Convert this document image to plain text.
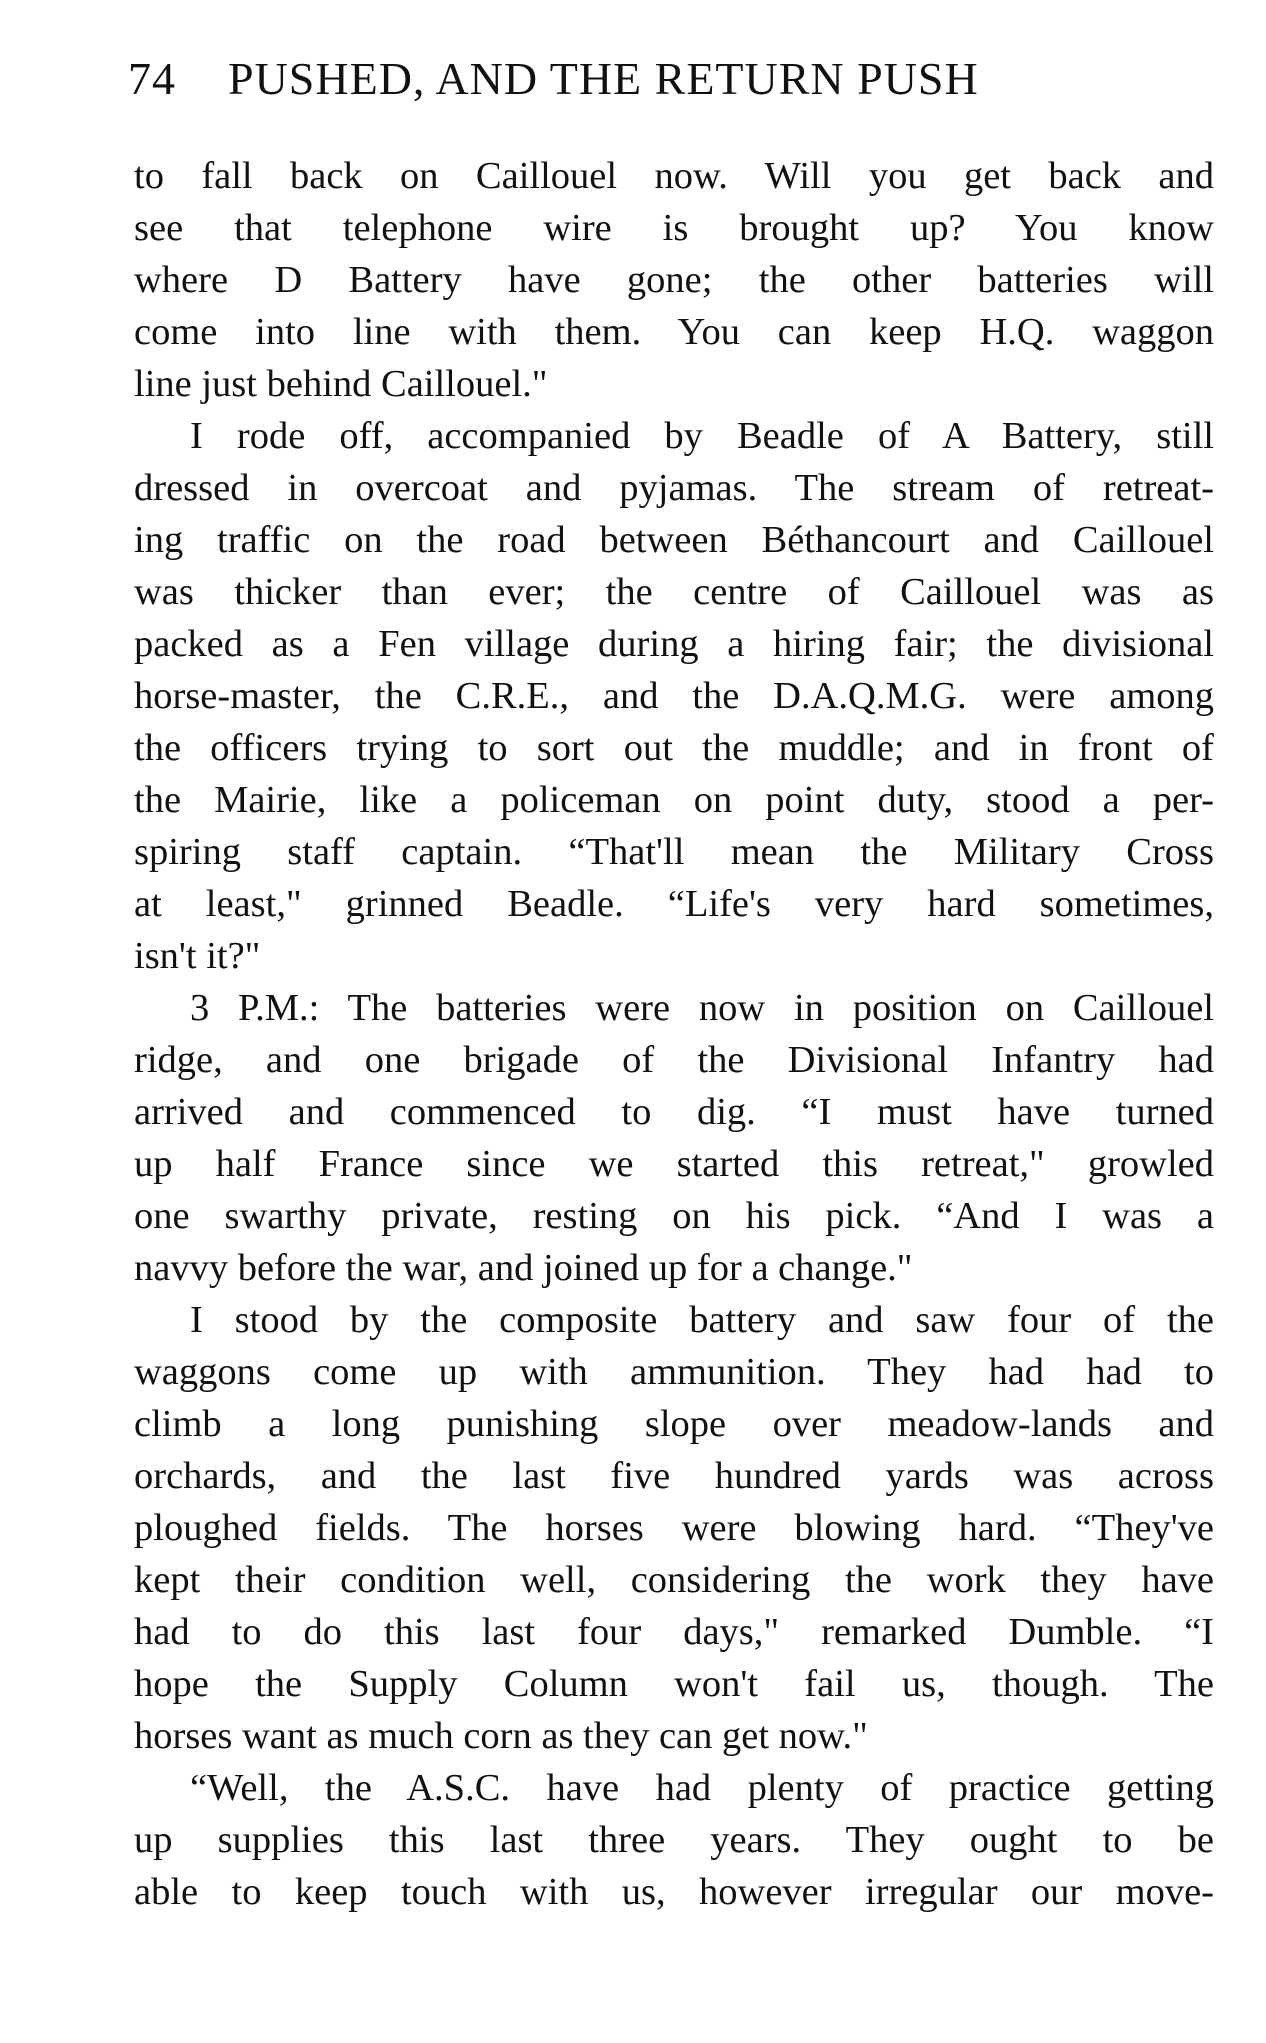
74 PUSHED, AND THE RETURN PUSH
to fall back on Caillouel now. Will you get back and
see that telephone wire is brought up? You know
where D Battery have gone; the other batteries will
come into line with them. You can keep H.Q. waggon
line just behind Caillouel."
I rode off, accompanied by Beadle of A Battery, still
dressed in overcoat and pyjamas. The stream of retreat-
ing traffic on the road between Béthancourt and Caillouel
was thicker than ever; the centre of Caillouel was as
packed as a Fen village during a hiring fair; the divisional
horse-master, the C.R.E., and the D.A.Q.M.G. were among
the officers trying to sort out the muddle; and in front of
the Mairie, like a policeman on point duty, stood a per-
spiring staff captain. “That'll mean the Military Cross
at least," grinned Beadle. “Life's very hard sometimes,
isn't it?"
3 P.M.: The batteries were now in position on Caillouel
ridge, and one brigade of the Divisional Infantry had
arrived and commenced to dig. “I must have turned
up half France since we started this retreat," growled
one swarthy private, resting on his pick. “And I was a
navvy before the war, and joined up for a change."
I stood by the composite battery and saw four of the
waggons come up with ammunition. They had had to
climb a long punishing slope over meadow-lands and
orchards, and the last five hundred yards was across
ploughed fields. The horses were blowing hard. “They've
kept their condition well, considering the work they have
had to do this last four days," remarked Dumble. “I
hope the Supply Column won't fail us, though. The
horses want as much corn as they can get now."
“Well, the A.S.C. have had plenty of practice getting
up supplies this last three years. They ought to be
able to keep touch with us, however irregular our move-
